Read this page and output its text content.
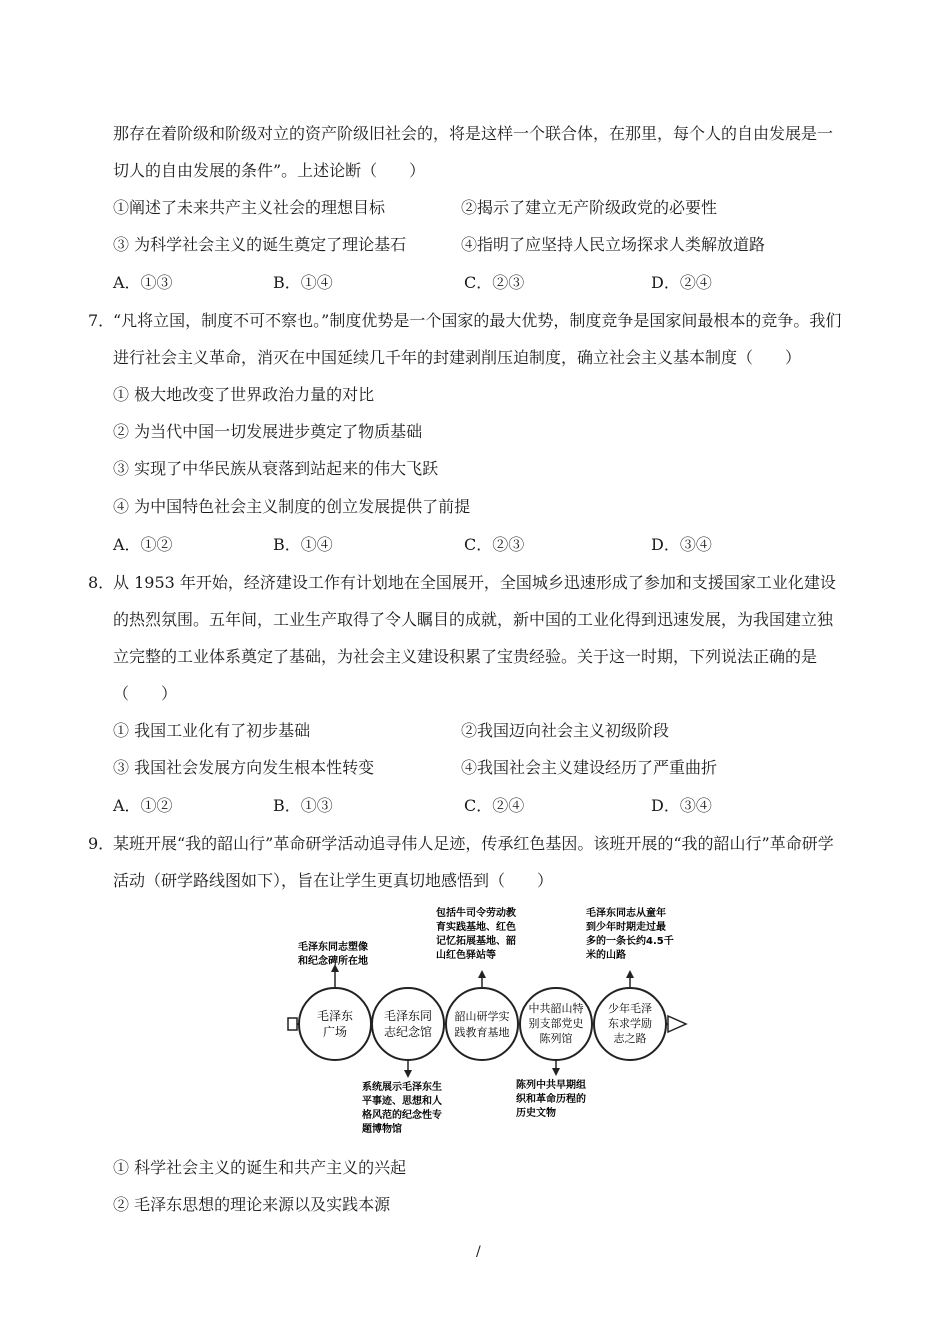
那存在着阶级和阶级对立的资产阶级旧社会的，将是这样一个联合体，在那里，每个人的自由发展是一
切人的自由发展的条件”。上述论断（　　）
①阐述了未来共产主义社会的理想目标	②揭示了建立无产阶级政党的必要性
③ 为科学社会主义的诞生奠定了理论基石	④指明了应坚持人民立场探求人类解放道路
A．①③	B．①④	C．②③	D．②④
7．
“凡将立国，制度不可不察也。”制度优势是一个国家的最大优势，制度竞争是国家间最根本的竞争。我们
进行社会主义革命，消灭在中国延续几千年的封建剥削压迫制度，确立社会主义基本制度（　　）
① 极大地改变了世界政治力量的对比
② 为当代中国一切发展进步奠定了物质基础
③ 实现了中华民族从衰落到站起来的伟大飞跃
④ 为中国特色社会主义制度的创立发展提供了前提
A．①②	B．①④	C．②③	D．③④
8．
从 1953 年开始，经济建设工作有计划地在全国展开，全国城乡迅速形成了参加和支援国家工业化建设
的热烈氛围。五年间，工业生产取得了令人瞩目的成就，新中国的工业化得到迅速发展，为我国建立独
立完整的工业体系奠定了基础，为社会主义建设积累了宝贵经验。关于这一时期，下列说法正确的是
（　　）
① 我国工业化有了初步基础	②我国迈向社会主义初级阶段
③ 我国社会发展方向发生根本性转变	④我国社会主义建设经历了严重曲折
A．①②	B．①③	C．②④	D．③④
9．
某班开展“我的韶山行”革命研学活动追寻伟人足迹，传承红色基因。该班开展的“我的韶山行”革命研学
活动（研学路线图如下），旨在让学生更真切地感悟到（　　）
毛泽东
广场
毛泽东同
志纪念馆
韶山研学实
践教育基地
中共韶山特
别支部党史
陈列馆
少年毛泽
东求学励
志之路
毛泽东同志塑像
和纪念碑所在地
系统展示毛泽东生
平事迹、思想和人
格风范的纪念性专
题博物馆
包括牛司令劳动教
育实践基地、红色
记忆拓展基地、韶
山红色驿站等
陈列中共早期组
织和革命历程的
历史文物
毛泽东同志从童年
到少年时期走过最
多的一条长约4.5千
米的山路
① 科学社会主义的诞生和共产主义的兴起
② 毛泽东思想的理论来源以及实践本源
/
